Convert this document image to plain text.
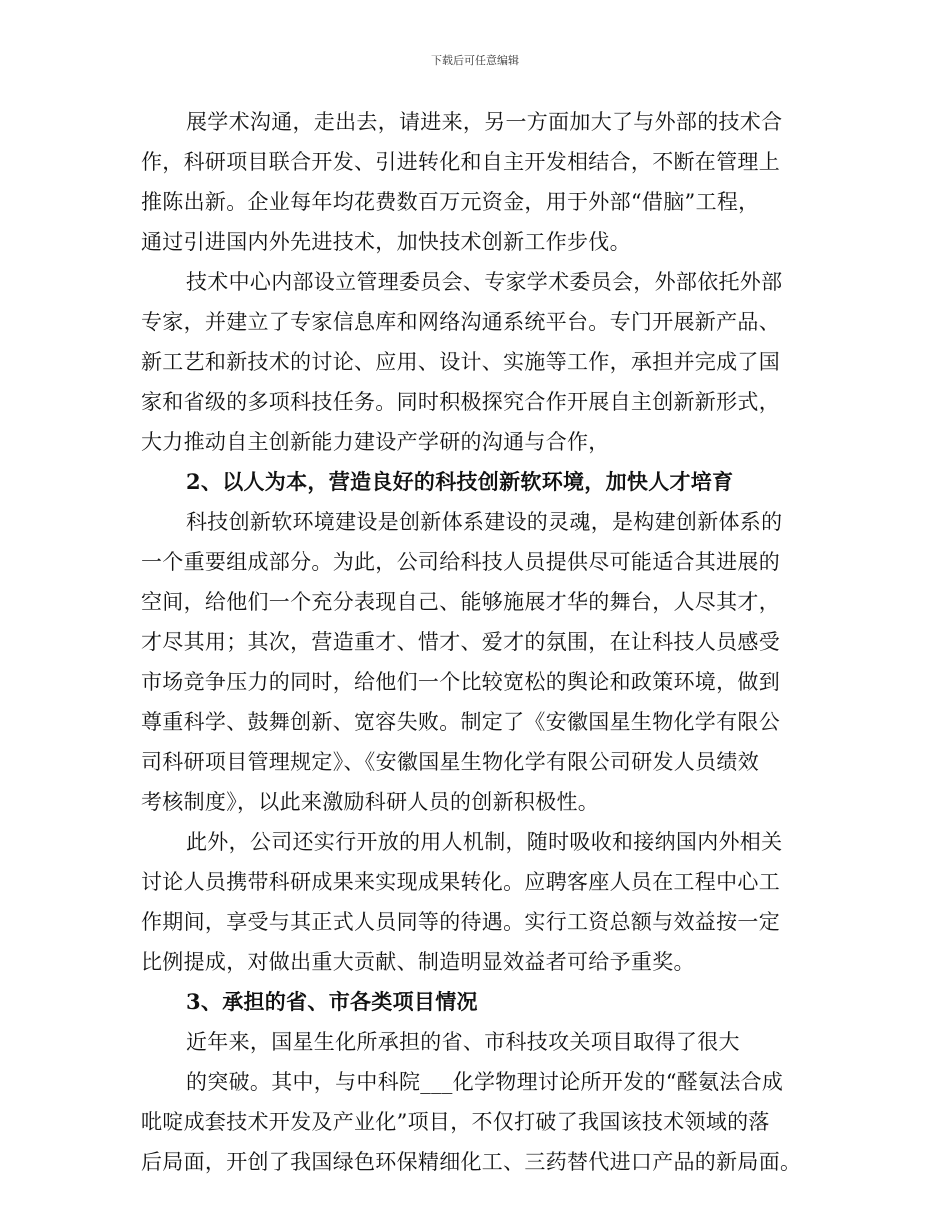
下载后可任意编辑
展学术沟通，走出去，请进来，另一方面加大了与外部的技术合
作，科研项目联合开发、引进转化和自主开发相结合，不断在管理上
推陈出新。企业每年均花费数百万元资金，用于外部“借脑”工程，
通过引进国内外先进技术，加快技术创新工作步伐。
技术中心内部设立管理委员会、专家学术委员会，外部依托外部
专家，并建立了专家信息库和网络沟通系统平台。专门开展新产品、
新工艺和新技术的讨论、应用、设计、实施等工作，承担并完成了国
家和省级的多项科技任务。同时积极探究合作开展自主创新新形式，
大力推动自主创新能力建设产学研的沟通与合作，
2、以人为本，营造良好的科技创新软环境，加快人才培育
科技创新软环境建设是创新体系建设的灵魂，是构建创新体系的
一个重要组成部分。为此，公司给科技人员提供尽可能适合其进展的
空间，给他们一个充分表现自己、能够施展才华的舞台，人尽其才，
才尽其用；其次，营造重才、惜才、爱才的氛围，在让科技人员感受
市场竞争压力的同时，给他们一个比较宽松的舆论和政策环境，做到
尊重科学、鼓舞创新、宽容失败。制定了《安徽国星生物化学有限公
司科研项目管理规定》、《安徽国星生物化学有限公司研发人员绩效
考核制度》，以此来激励科研人员的创新积极性。
此外，公司还实行开放的用人机制，随时吸收和接纳国内外相关
讨论人员携带科研成果来实现成果转化。应聘客座人员在工程中心工
作期间，享受与其正式人员同等的待遇。实行工资总额与效益按一定
比例提成，对做出重大贡献、制造明显效益者可给予重奖。
3、承担的省、市各类项目情况
近年来，国星生化所承担的省、市科技攻关项目取得了很大
的突破。其中，与中科院___化学物理讨论所开发的“醛氨法合成
吡啶成套技术开发及产业化”项目，不仅打破了我国该技术领域的落
后局面，开创了我国绿色环保精细化工、三药替代进口产品的新局面。
